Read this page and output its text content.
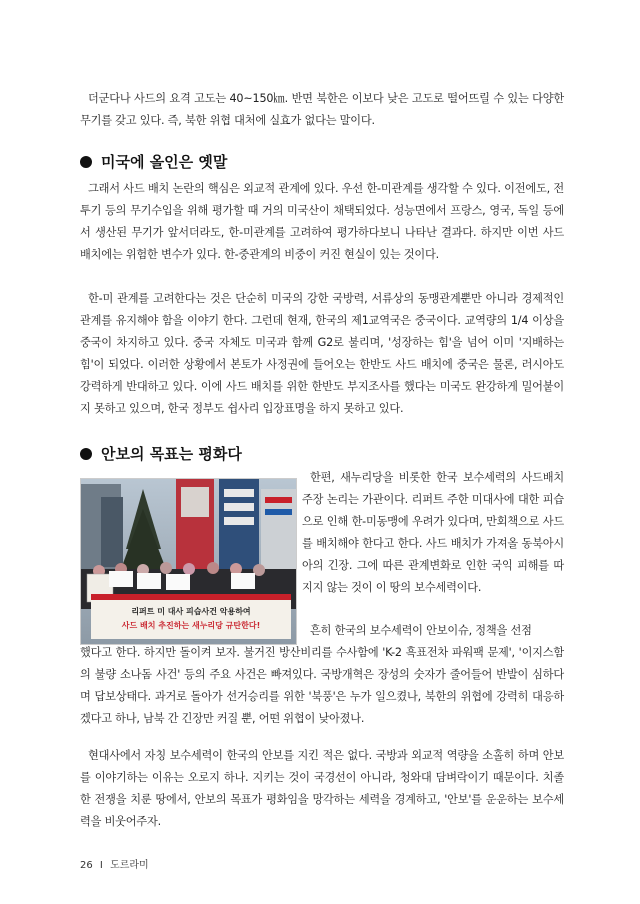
더군다나 사드의 요격 고도는 40~150㎞. 반면 북한은 이보다 낮은 고도로 떨어뜨릴 수 있는 다양한 무기를 갖고 있다. 즉, 북한 위협 대처에 실효가 없다는 말이다.

미국에 올인은 옛말

그래서 사드 배치 논란의 핵심은 외교적 관계에 있다. 우선 한-미관계를 생각할 수 있다. 이전에도, 전투기 등의 무기수입을 위해 평가할 때 거의 미국산이 채택되었다. 성능면에서 프랑스, 영국, 독일 등에서 생산된 무기가 앞서더라도, 한-미관계를 고려하여 평가하다보니 나타난 결과다. 하지만 이번 사드 배치에는 위험한 변수가 있다. 한-중관계의 비중이 커진 현실이 있는 것이다.

한-미 관계를 고려한다는 것은 단순히 미국의 강한 국방력, 서류상의 동맹관계뿐만 아니라 경제적인 관계를 유지해야 함을 이야기 한다. 그런데 현재, 한국의 제1교역국은 중국이다. 교역량의 1/4 이상을 중국이 차지하고 있다. 중국 자체도 미국과 함께 G2로 불리며, '성장하는 힘'을 넘어 이미 '지배하는 힘'이 되었다. 이러한 상황에서 본토가 사정권에 들어오는 한반도 사드 배치에 중국은 물론, 러시아도 강력하게 반대하고 있다. 이에 사드 배치를 위한 한반도 부지조사를 했다는 미국도 완강하게 밀어붙이지 못하고 있으며, 한국 정부도 쉽사리 입장표명을 하지 못하고 있다.

안보의 목표는 평화다
리퍼트 미 대사 피습사건 악용하여
사드 배치 추진하는 새누리당 규탄한다!

한편, 새누리당을 비롯한 한국 보수세력의 사드배치 주장 논리는 가관이다. 리퍼트 주한 미대사에 대한 피습으로 인해 한-미동맹에 우려가 있다며, 만회책으로 사드를 배치해야 한다고 한다. 사드 배치가 가져올 동북아시아의 긴장. 그에 따른 관계변화로 인한 국익 피해를 따지지 않는 것이 이 땅의 보수세력이다.

흔히 한국의 보수세력이 안보이슈, 정책을 선점

했다고 한다. 하지만 돌이켜 보자. 불거진 방산비리를 수사함에 'K-2 흑표전차 파워팩 문제', '이지스함의 불량 소나돔 사건' 등의 주요 사건은 빠져있다. 국방개혁은 장성의 숫자가 줄어들어 반발이 심하다며 답보상태다. 과거로 돌아가 선거승리를 위한 '북풍'은 누가 일으켰나, 북한의 위협에 강력히 대응하겠다고 하나, 남북 간 긴장만 커질 뿐, 어떤 위협이 낮아졌나.

현대사에서 자칭 보수세력이 한국의 안보를 지킨 적은 없다. 국방과 외교적 역량을 소홀히 하며 안보를 이야기하는 이유는 오로지 하나. 지키는 것이 국경선이 아니라, 청와대 담벼락이기 때문이다. 치졸한 전쟁을 치룬 땅에서, 안보의 목표가 평화임을 망각하는 세력을 경계하고, '안보'를 운운하는 보수세력을 비웃어주자.

26 I 도르라미
